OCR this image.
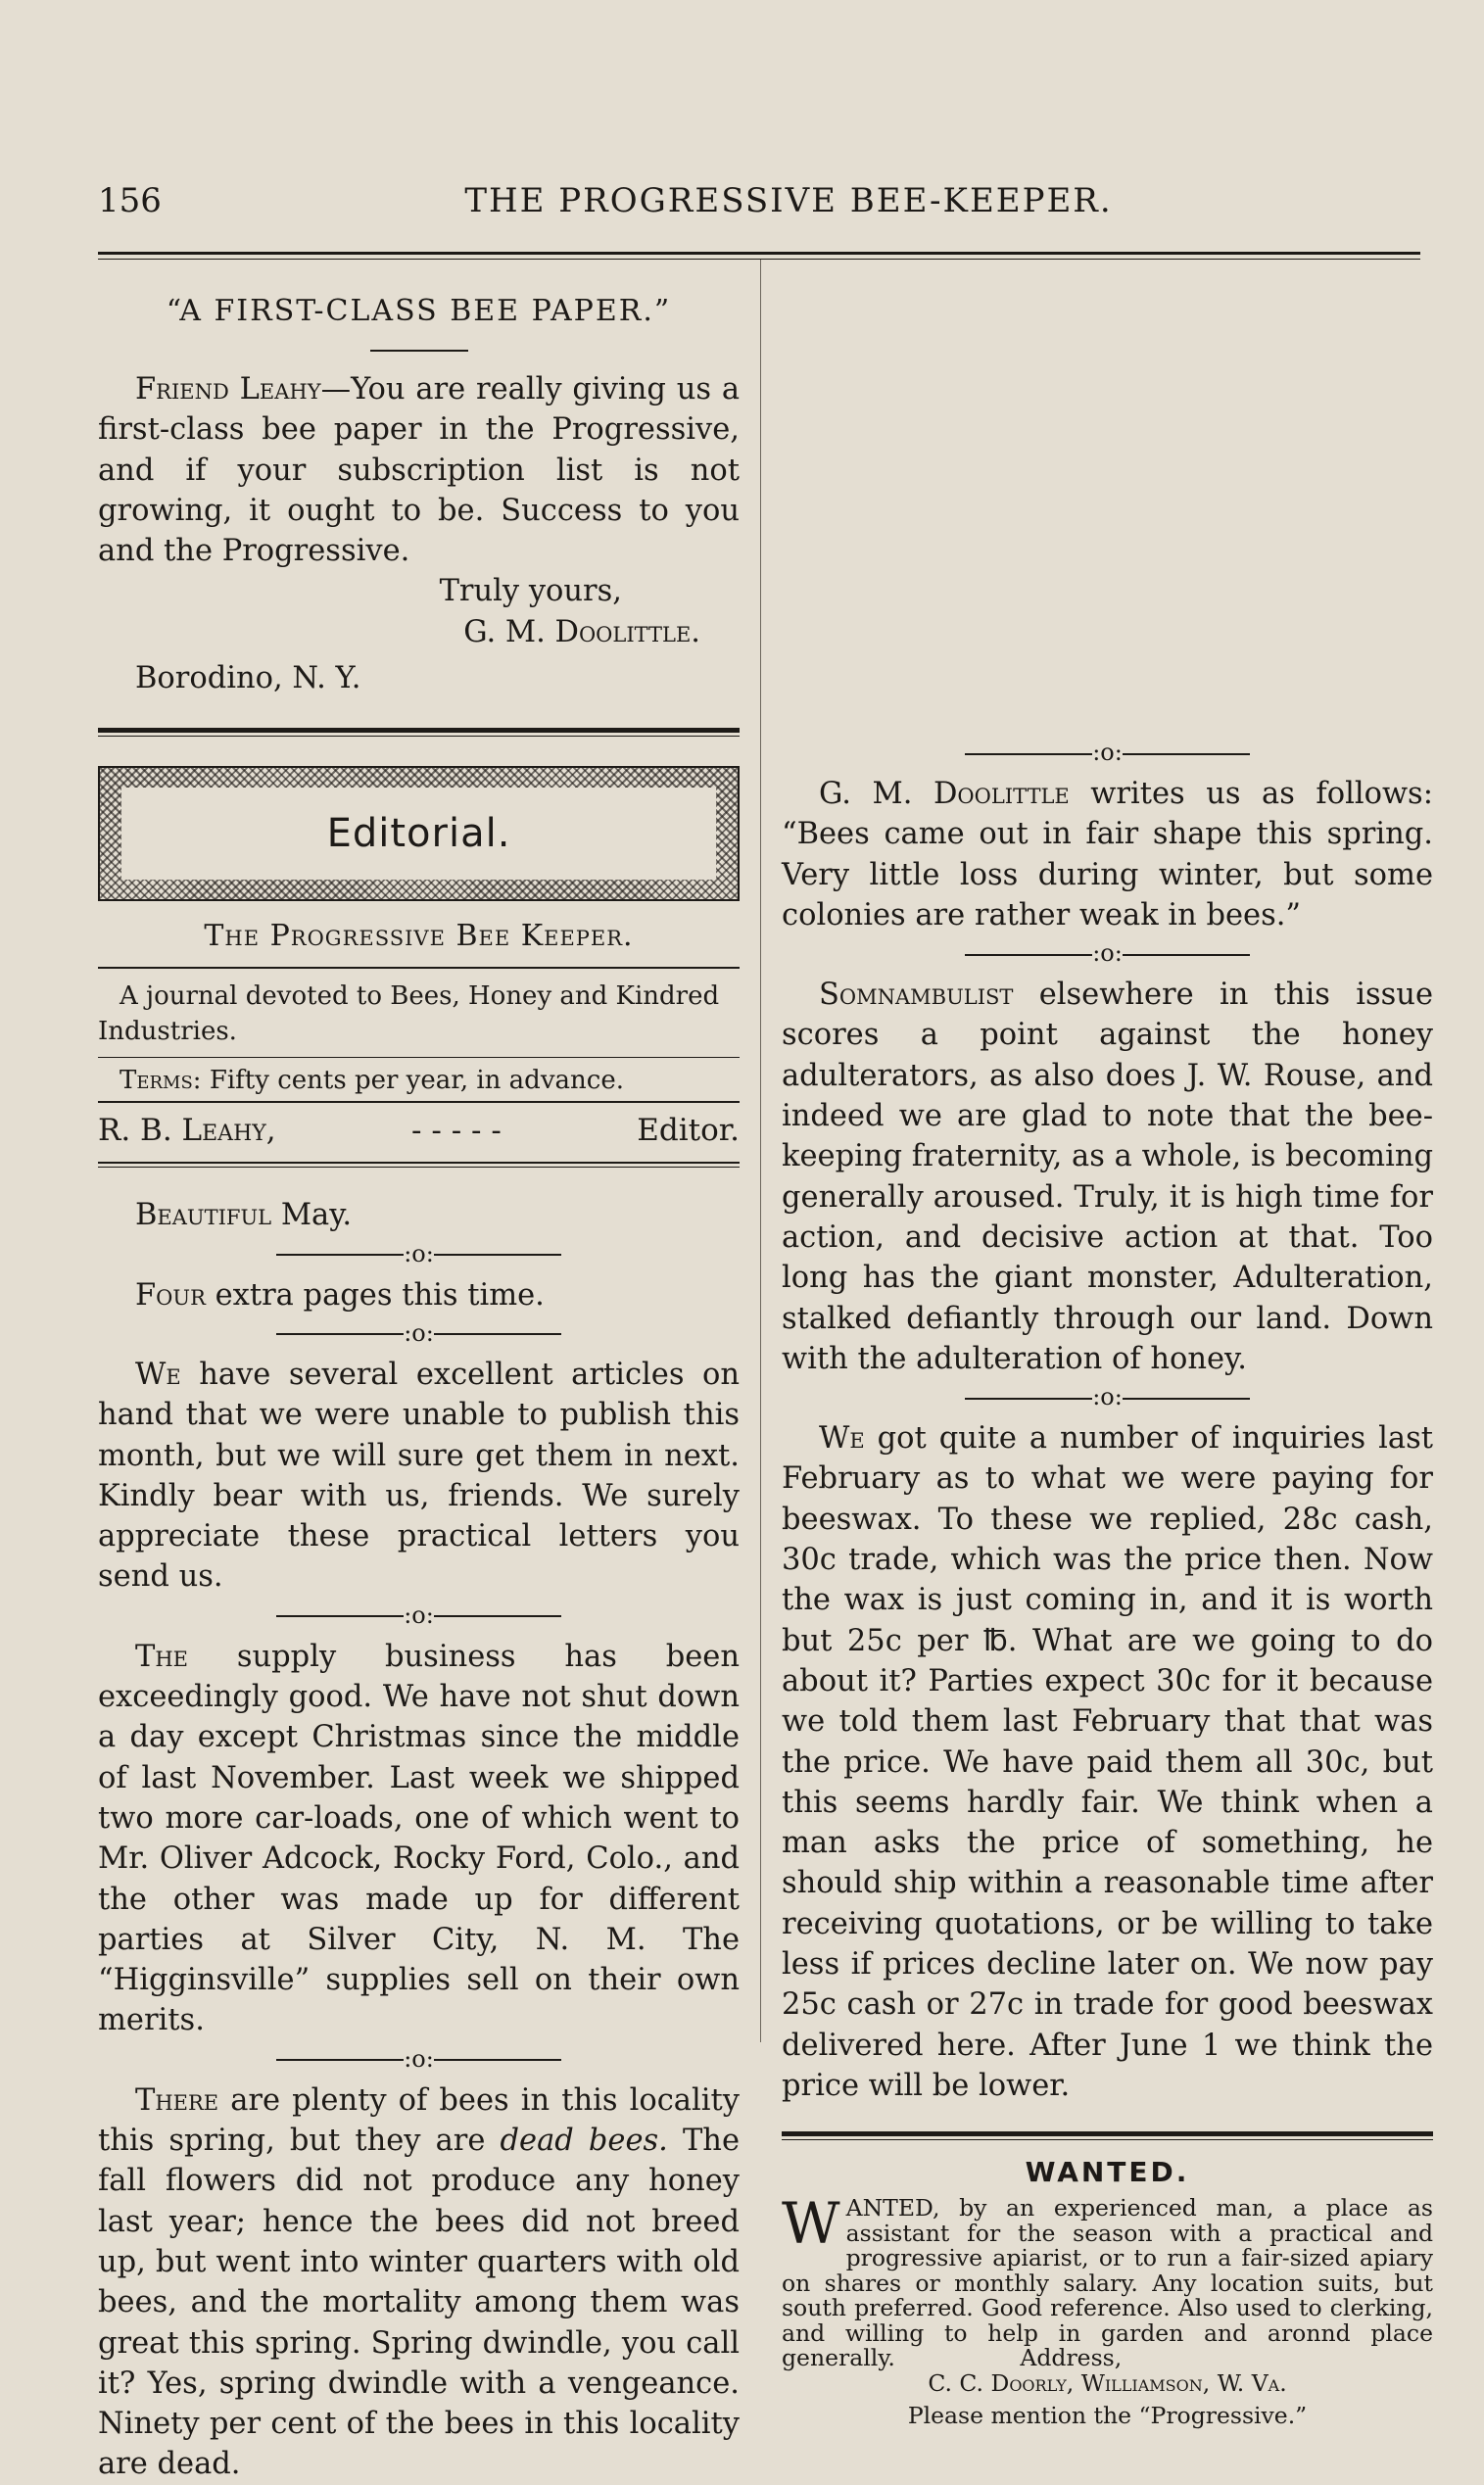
156	THE PROGRESSIVE BEE-KEEPER.
“A FIRST-CLASS BEE PAPER.”

Friend Leahy—You are really giving us a first-class bee paper in the Progressive, and if your subscription list is not growing, it ought to be. Success to you and the Progressive.

Truly yours,

G. M. Doolittle.

Borodino, N. Y.

Editorial.
The Progressive Bee Keeper.

A journal devoted to Bees, Honey and Kindred Industries.

Terms: Fifty cents per year, in advance.

R. B. Leahy,	- - - - -	Editor.

Beautiful May.

:o:

Four extra pages this time.

:o:

We have several excellent articles on hand that we were unable to publish this month, but we will sure get them in next. Kindly bear with us, friends. We surely appreciate these practical letters you send us.

:o:

The supply business has been exceedingly good. We have not shut down a day except Christmas since the middle of last November. Last week we shipped two more car-loads, one of which went to Mr. Oliver Adcock, Rocky Ford, Colo., and the other was made up for different parties at Silver City, N. M. The “Higginsville” supplies sell on their own merits.

:o:

There are plenty of bees in this locality this spring, but they are dead bees. The fall flowers did not produce any honey last year; hence the bees did not breed up, but went into winter quarters with old bees, and the mortality among them was great this spring. Spring dwindle, you call it? Yes, spring dwindle with a vengeance. Ninety per cent of the bees in this locality are dead.

:o:

G. M. Doolittle writes us as follows: “Bees came out in fair shape this spring. Very little loss during winter, but some colonies are rather weak in bees.”

:o:

Somnambulist elsewhere in this issue scores a point against the honey adulterators, as also does J. W. Rouse, and indeed we are glad to note that the bee-keeping fraternity, as a whole, is becoming generally aroused. Truly, it is high time for action, and decisive action at that. Too long has the giant monster, Adulteration, stalked defiantly through our land. Down with the adulteration of honey.

:o:

We got quite a number of inquiries last February as to what we were paying for beeswax. To these we replied, 28c cash, 30c trade, which was the price then. Now the wax is just coming in, and it is worth but 25c per ℔. What are we going to do about it? Parties expect 30c for it because we told them last February that that was the price. We have paid them all 30c, but this seems hardly fair. We think when a man asks the price of something, he should ship within a reasonable time after receiving quotations, or be willing to take less if prices decline later on. We now pay 25c cash or 27c in trade for good beeswax delivered here. After June 1 we think the price will be lower.

WANTED.
WANTED, by an experienced man, a place as assistant for the season with a practical and progressive apiarist, or to run a fair-sized apiary on shares or monthly salary. Any location suits, but south preferred. Good reference. Also used to clerking, and willing to help in garden and aronnd place generally.	Address,
C. C. Doorly, Williamson, W. Va.
Please mention the “Progressive.”
